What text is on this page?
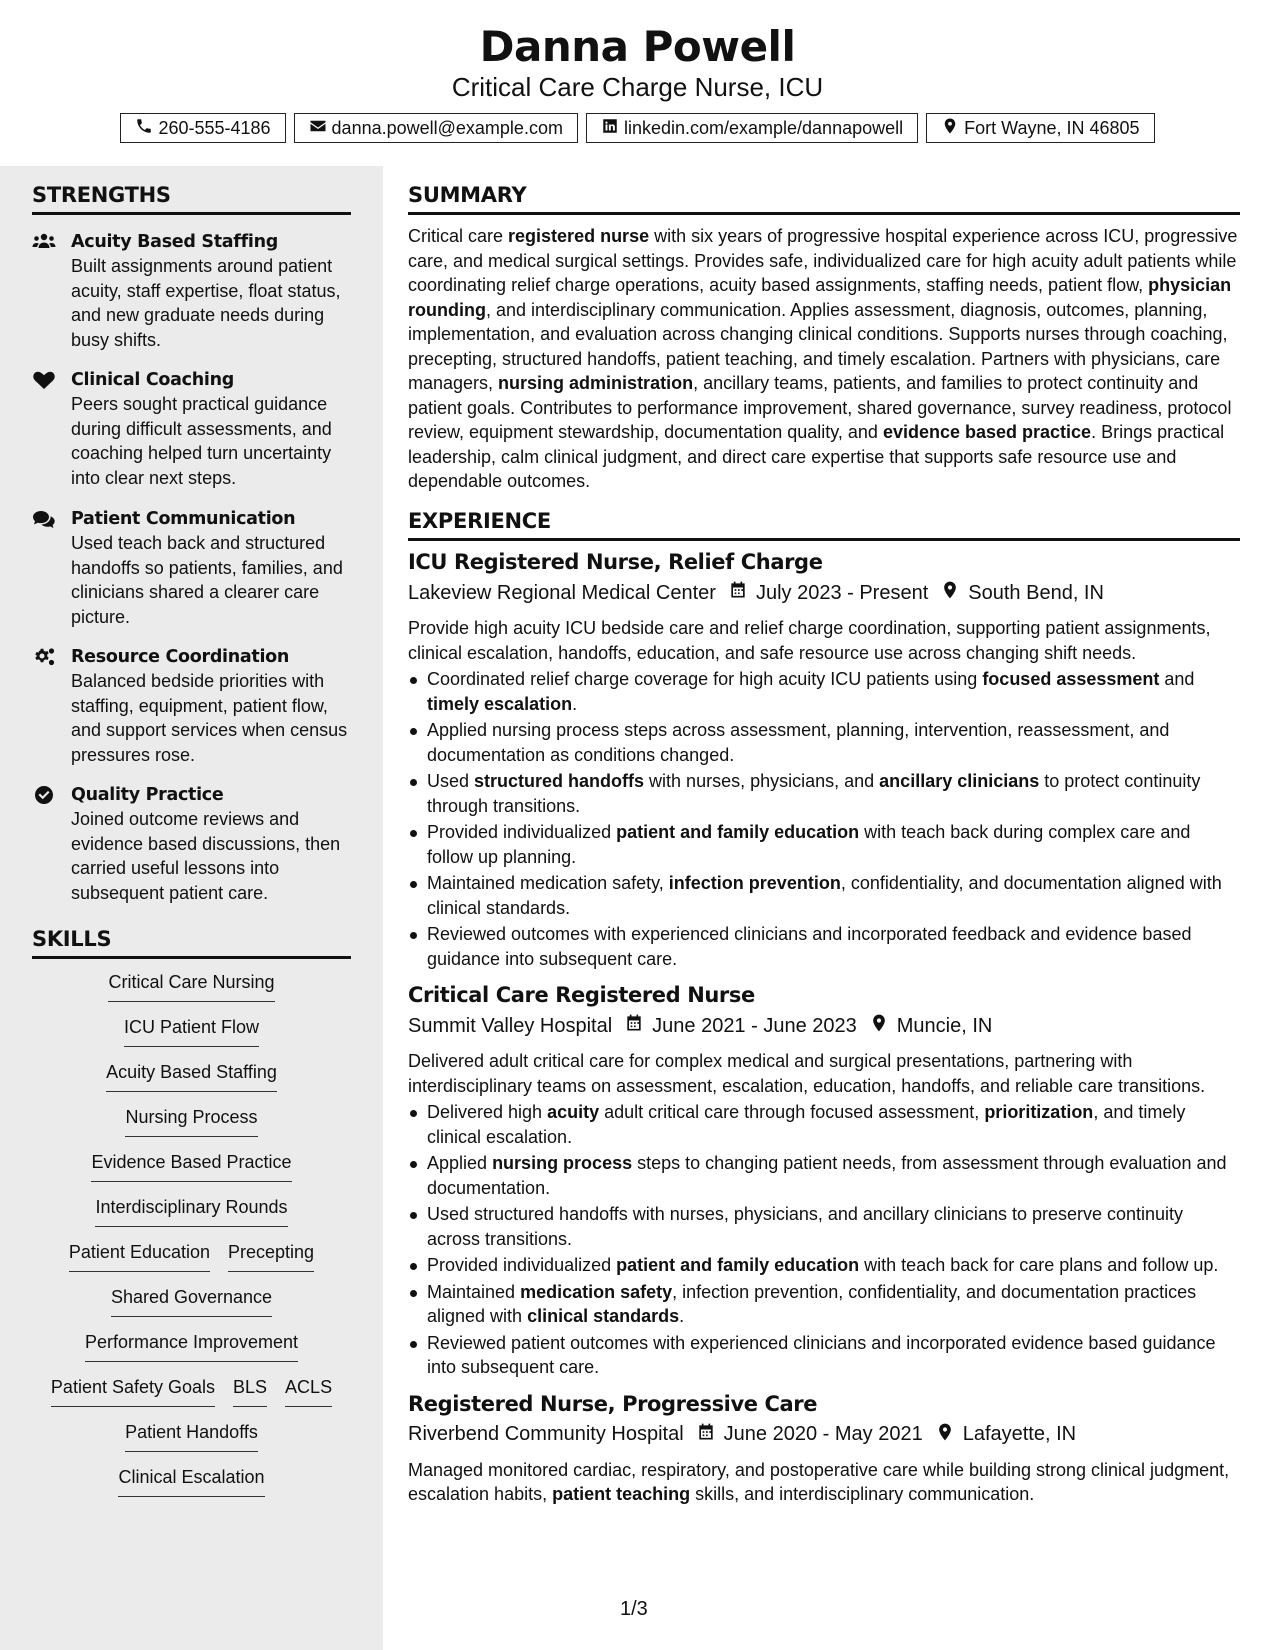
Danna Powell
Critical Care Charge Nurse, ICU
260-555-4186	danna.powell@example.com	linkedin.com/example/dannapowell	Fort Wayne, IN 46805
STRENGTHS
Acuity Based Staffing

Built assignments around patient acuity, staff expertise, float status, and new graduate needs during busy shifts.

Clinical Coaching

Peers sought practical guidance during difficult assessments, and coaching helped turn uncertainty into clear next steps.

Patient Communication

Used teach back and structured handoffs so patients, families, and clinicians shared a clearer care picture.

Resource Coordination

Balanced bedside priorities with staffing, equipment, patient flow, and support services when census pressures rose.

Quality Practice

Joined outcome reviews and evidence based discussions, then carried useful lessons into subsequent patient care.

SKILLS
Critical Care Nursing
ICU Patient Flow
Acuity Based Staffing
Nursing Process
Evidence Based Practice
Interdisciplinary Rounds
Patient Education Precepting
Shared Governance
Performance Improvement
Patient Safety Goals BLS ACLS
Patient Handoffs
Clinical Escalation
SUMMARY

Critical care registered nurse with six years of progressive hospital experience across ICU, progressive care, and medical surgical settings. Provides safe, individualized care for high acuity adult patients while coordinating relief charge operations, acuity based assignments, staffing needs, patient flow, physician rounding, and interdisciplinary communication. Applies assessment, diagnosis, outcomes, planning, implementation, and evaluation across changing clinical conditions. Supports nurses through coaching, precepting, structured handoffs, patient teaching, and timely escalation. Partners with physicians, care managers, nursing administration, ancillary teams, patients, and families to protect continuity and patient goals. Contributes to performance improvement, shared governance, survey readiness, protocol review, equipment stewardship, documentation quality, and evidence based practice. Brings practical leadership, calm clinical judgment, and direct care expertise that supports safe resource use and dependable outcomes.

EXPERIENCE
ICU Registered Nurse, Relief Charge
Lakeview Regional Medical Center July 2023 - Present South Bend, IN

Provide high acuity ICU bedside care and relief charge coordination, supporting patient assignments, clinical escalation, handoffs, education, and safe resource use across changing shift needs.

Coordinated relief charge coverage for high acuity ICU patients using focused assessment and timely escalation.
Applied nursing process steps across assessment, planning, intervention, reassessment, and documentation as conditions changed.
Used structured handoffs with nurses, physicians, and ancillary clinicians to protect continuity through transitions.
Provided individualized patient and family education with teach back during complex care and follow up planning.
Maintained medication safety, infection prevention, confidentiality, and documentation aligned with clinical standards.
Reviewed outcomes with experienced clinicians and incorporated feedback and evidence based guidance into subsequent care.
Critical Care Registered Nurse
Summit Valley Hospital June 2021 - June 2023 Muncie, IN

Delivered adult critical care for complex medical and surgical presentations, partnering with interdisciplinary teams on assessment, escalation, education, handoffs, and reliable care transitions.

Delivered high acuity adult critical care through focused assessment, prioritization, and timely clinical escalation.
Applied nursing process steps to changing patient needs, from assessment through evaluation and documentation.
Used structured handoffs with nurses, physicians, and ancillary clinicians to preserve continuity across transitions.
Provided individualized patient and family education with teach back for care plans and follow up.
Maintained medication safety, infection prevention, confidentiality, and documentation practices aligned with clinical standards.
Reviewed patient outcomes with experienced clinicians and incorporated evidence based guidance into subsequent care.
Registered Nurse, Progressive Care
Riverbend Community Hospital June 2020 - May 2021 Lafayette, IN

Managed monitored cardiac, respiratory, and postoperative care while building strong clinical judgment, escalation habits, patient teaching skills, and interdisciplinary communication.

1/3
